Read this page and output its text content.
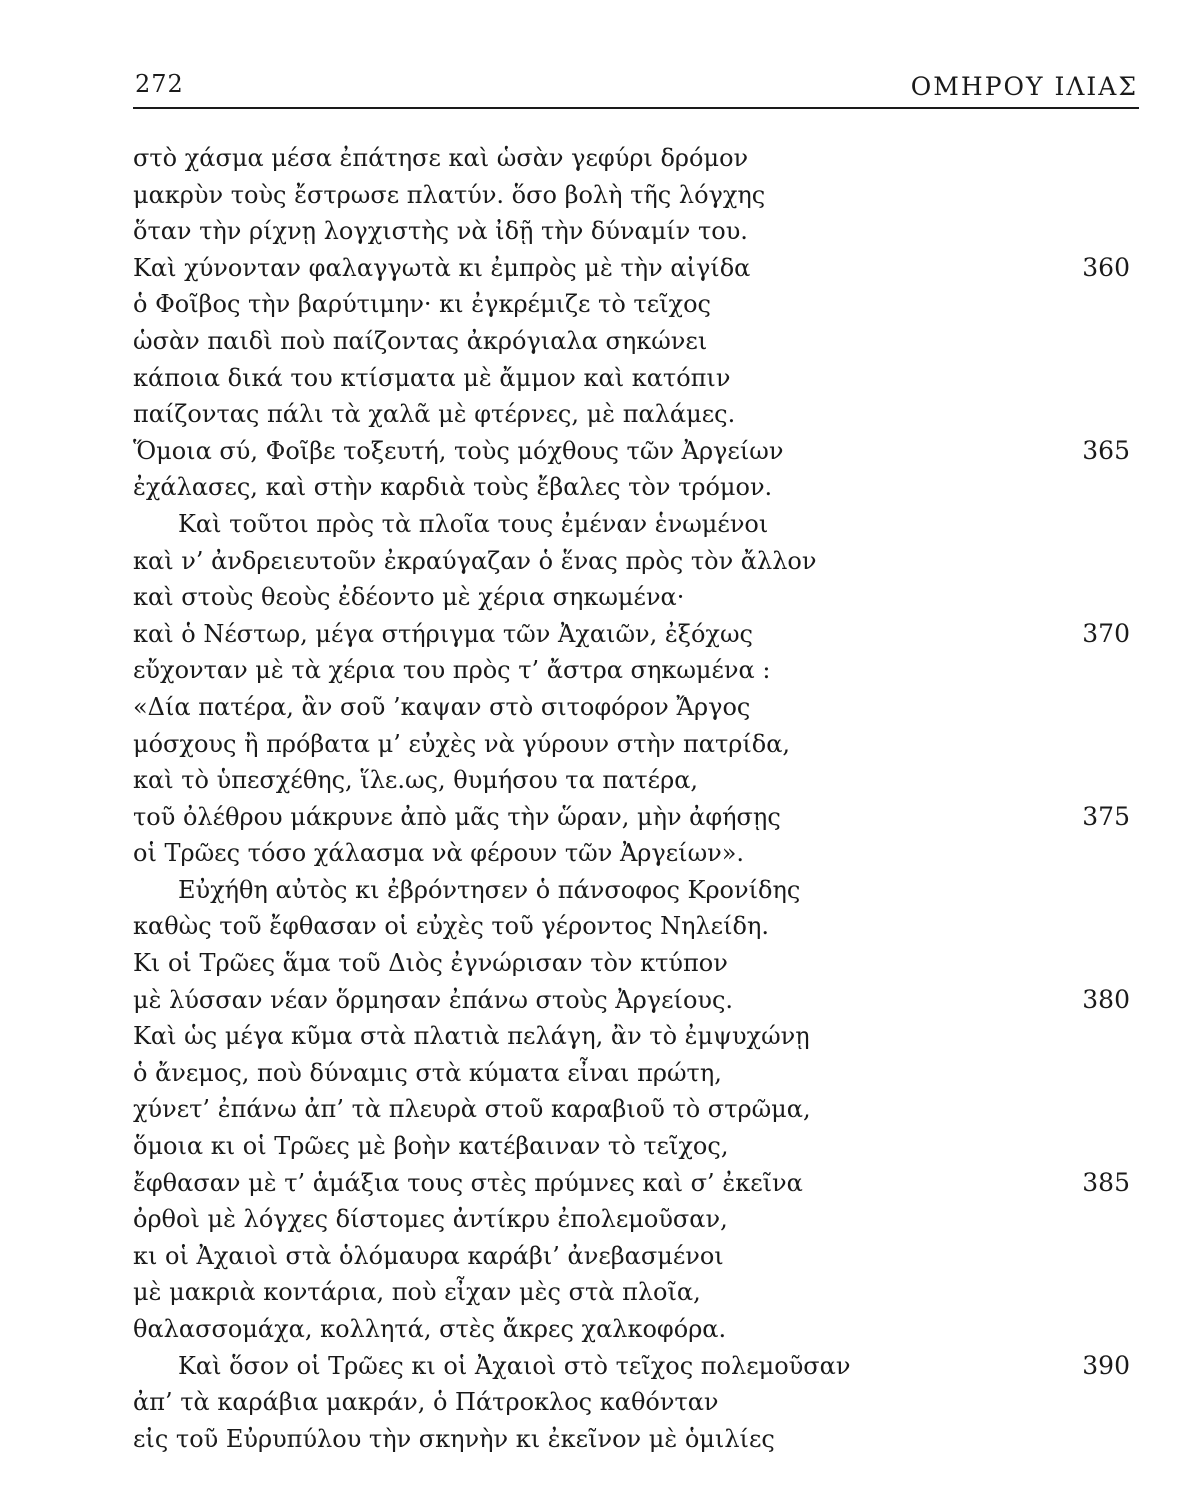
272	ΟΜΗΡΟΥ ΙΛΙΑΣ
στὸ χάσμα μέσα ἐπάτησε καὶ ὡσὰν γεφύρι δρόμον
μακρὺν τοὺς ἔστρωσε πλατύν. ὅσο βολὴ τῆς λόγχης
ὅταν τὴν ρίχνῃ λογχιστὴς νὰ ἰδῇ τὴν δύναμίν του.
Καὶ χύνονταν φαλαγγωτὰ κι ἐμπρὸς μὲ τὴν αἰγίδα	360
ὁ Φοῖβος τὴν βαρύτιμην· κι ἐγκρέμιζε τὸ τεῖχος
ὡσὰν παιδὶ ποὺ παίζοντας ἀκρόγιαλα σηκώνει
κάποια δικά του κτίσματα μὲ ἄμμον καὶ κατόπιν
παίζοντας πάλι τὰ χαλᾶ μὲ φτέρνες, μὲ παλάμες.
Ὅμοια σύ, Φοῖβε τοξευτή, τοὺς μόχθους τῶν Ἀργείων	365
ἐχάλασες, καὶ στὴν καρδιὰ τοὺς ἔβαλες τὸν τρόμον.
Καὶ τοῦτοι πρὸς τὰ πλοῖα τους ἐμέναν ἑνωμένοι
καὶ ν’ ἀνδρειευτοῦν ἐκραύγαζαν ὁ ἕνας πρὸς τὸν ἄλλον
καὶ στοὺς θεοὺς ἐδέοντο μὲ χέρια σηκωμένα·
καὶ ὁ Νέστωρ, μέγα στήριγμα τῶν Ἀχαιῶν, ἐξόχως	370
εὔχονταν μὲ τὰ χέρια του πρὸς τ’ ἄστρα σηκωμένα :
«Δία πατέρα, ἂν σοῦ ’καψαν στὸ σιτοφόρον Ἄργος
μόσχους ἢ πρόβατα μ’ εὐχὲς νὰ γύρουν στὴν πατρίδα,
καὶ τὸ ὑπεσχέθης, ἵλε.ως, θυμήσου τα πατέρα,
τοῦ ὀλέθρου μάκρυνε ἀπὸ μᾶς τὴν ὥραν, μὴν ἀφήσῃς	375
οἱ Τρῶες τόσο χάλασμα νὰ φέρουν τῶν Ἀργείων».
Εὐχήθη αὐτὸς κι ἐβρόντησεν ὁ πάνσοφος Κρονίδης
καθὼς τοῦ ἔφθασαν οἱ εὐχὲς τοῦ γέροντος Νηλείδη.
Κι οἱ Τρῶες ἅμα τοῦ Διὸς ἐγνώρισαν τὸν κτύπον
μὲ λύσσαν νέαν ὅρμησαν ἐπάνω στοὺς Ἀργείους.	380
Καὶ ὡς μέγα κῦμα στὰ πλατιὰ πελάγη, ἂν τὸ ἐμψυχώνῃ
ὁ ἄνεμος, ποὺ δύναμις στὰ κύματα εἶναι πρώτη,
χύνετ’ ἐπάνω ἀπ’ τὰ πλευρὰ στοῦ καραβιοῦ τὸ στρῶμα,
ὅμοια κι οἱ Τρῶες μὲ βοὴν κατέβαιναν τὸ τεῖχος,
ἔφθασαν μὲ τ’ ἁμάξια τους στὲς πρύμνες καὶ σ’ ἐκεῖνα	385
ὀρθοὶ μὲ λόγχες δίστομες ἀντίκρυ ἐπολεμοῦσαν,
κι οἱ Ἀχαιοὶ στὰ ὁλόμαυρα καράβι’ ἀνεβασμένοι
μὲ μακριὰ κοντάρια, ποὺ εἶχαν μὲς στὰ πλοῖα,
θαλασσομάχα, κολλητά, στὲς ἄκρες χαλκοφόρα.
Καὶ ὅσον οἱ Τρῶες κι οἱ Ἀχαιοὶ στὸ τεῖχος πολεμοῦσαν	390
ἀπ’ τὰ καράβια μακράν, ὁ Πάτροκλος καθόνταν
εἰς τοῦ Εὐρυπύλου τὴν σκηνὴν κι ἐκεῖνον μὲ ὁμιλίες
